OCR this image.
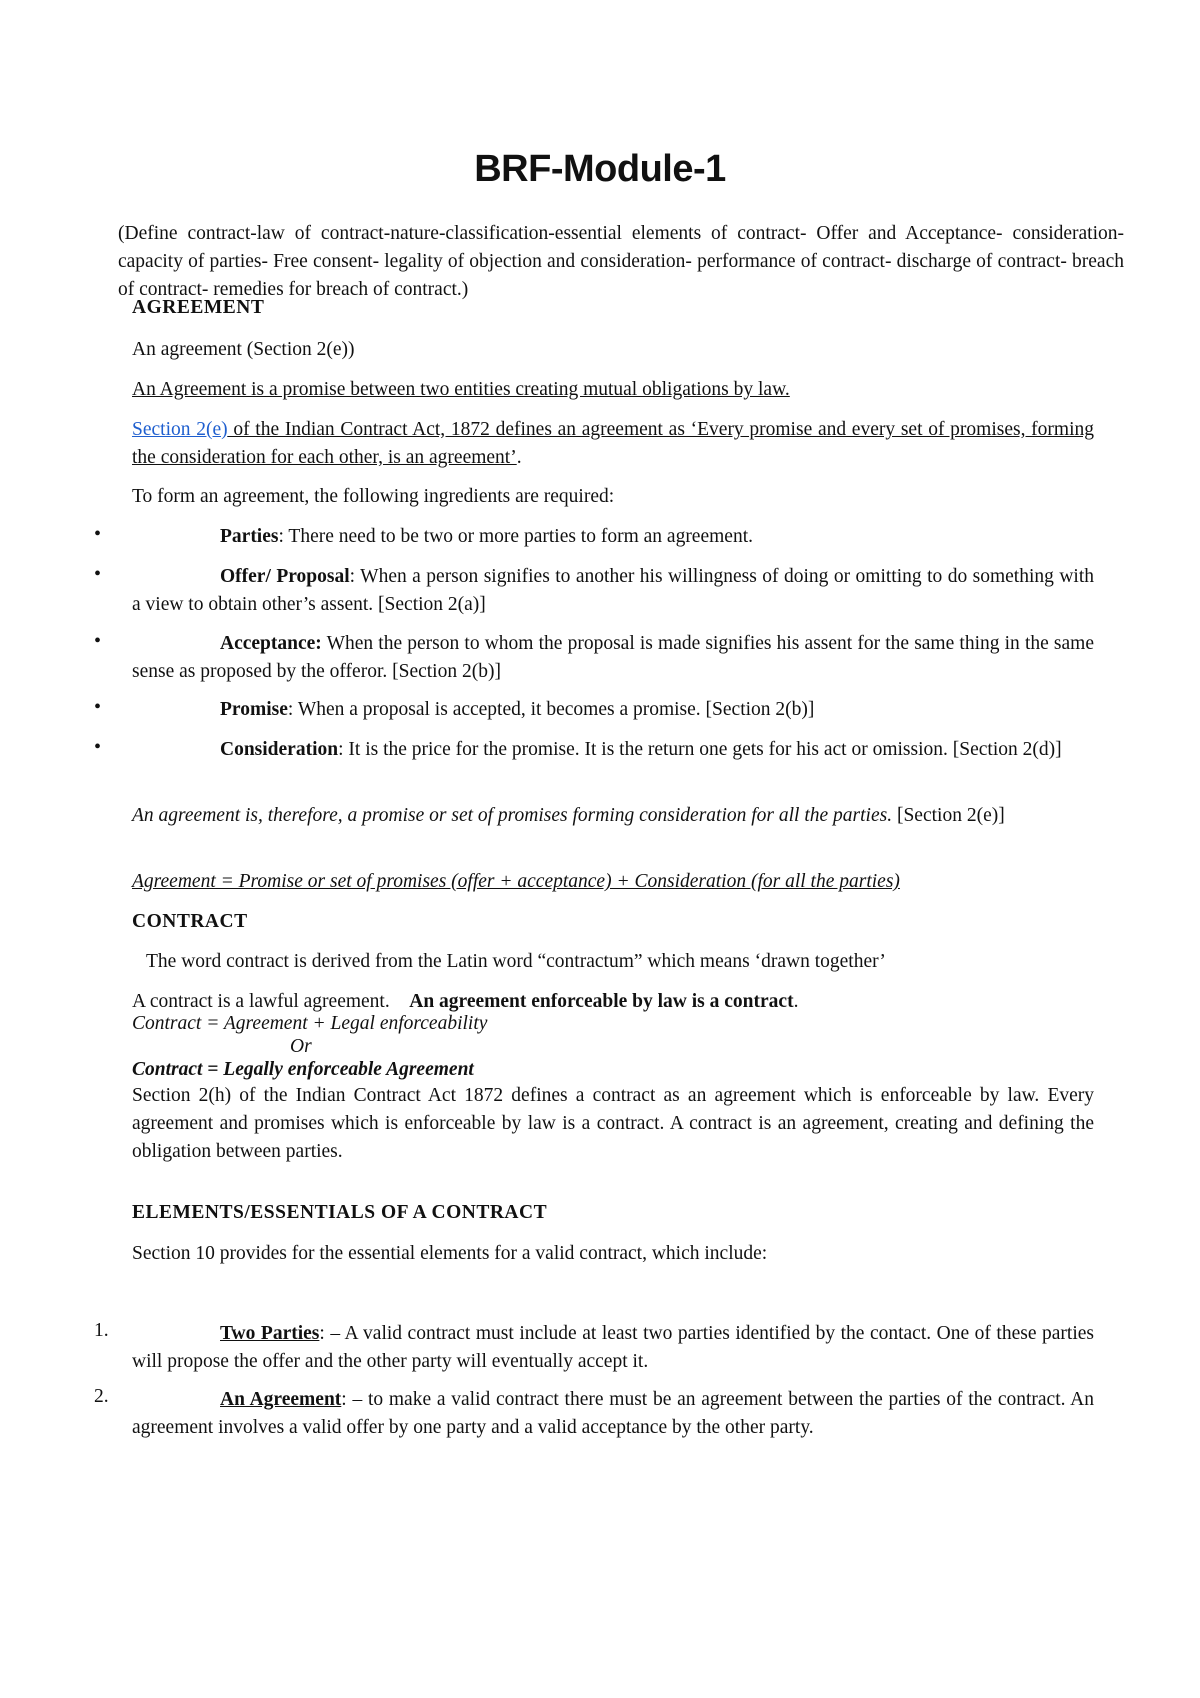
BRF-Module-1
(Define contract-law of contract-nature-classification-essential elements of contract- Offer and Acceptance- consideration- capacity of parties- Free consent- legality of objection and consideration- performance of contract- discharge of contract- breach of contract- remedies for breach of contract.)
AGREEMENT
An agreement (Section 2(e))
An Agreement is a promise between two entities creating mutual obligations by law.
Section 2(e) of the Indian Contract Act, 1872 defines an agreement as ‘Every promise and every set of promises, forming the consideration for each other, is an agreement’.
To form an agreement, the following ingredients are required:
•	Parties: There need to be two or more parties to form an agreement.
•	Offer/ Proposal: When a person signifies to another his willingness of doing or omitting to do something with a view to obtain other’s assent. [Section 2(a)]
•	Acceptance: When the person to whom the proposal is made signifies his assent for the same thing in the same sense as proposed by the offeror. [Section 2(b)]
•	Promise: When a proposal is accepted, it becomes a promise. [Section 2(b)]
•	Consideration: It is the price for the promise. It is the return one gets for his act or omission. [Section 2(d)]
An agreement is, therefore, a promise or set of promises forming consideration for all the parties. [Section 2(e)]
Agreement = Promise or set of promises (offer + acceptance) + Consideration (for all the parties)
CONTRACT
The word contract is derived from the Latin word “contractum” which means ‘drawn together’
A contract is a lawful agreement. An agreement enforceable by law is a contract.
Contract = Agreement + Legal enforceability
Or
Contract = Legally enforceable Agreement
Section 2(h) of the Indian Contract Act 1872 defines a contract as an agreement which is enforceable by law. Every agreement and promises which is enforceable by law is a contract. A contract is an agreement, creating and defining the obligation between parties.
ELEMENTS/ESSENTIALS OF A CONTRACT
Section 10 provides for the essential elements for a valid contract, which include:
1.	Two Parties: – A valid contract must include at least two parties identified by the contact. One of these parties will propose the offer and the other party will eventually accept it.
2.	An Agreement: – to make a valid contract there must be an agreement between the parties of the contract. An agreement involves a valid offer by one party and a valid acceptance by the other party.
